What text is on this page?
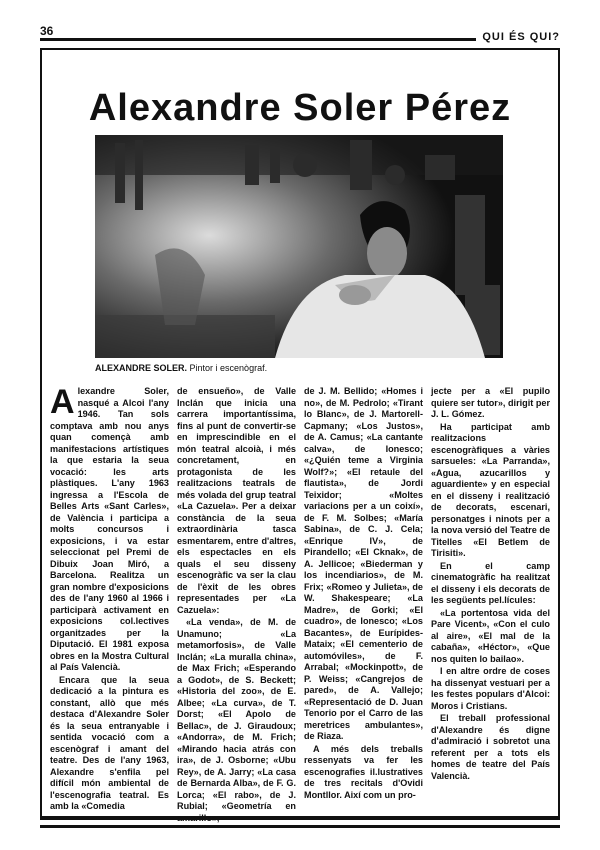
36	QUI ÉS QUI?
Alexandre Soler Pérez
ALEXANDRE SOLER. Pintor i escenògraf.

Alexandre Soler, nasqué a Alcoi l'any 1946. Tan sols comptava amb nou anys quan començà amb manifestacions artístiques la que estaria la seua vocació: les arts plàstiques. L'any 1963 ingressa a l'Escola de Belles Arts «Sant Carles», de València i participa a molts concursos i exposicions, i va estar seleccionat pel Premi de Dibuix Joan Miró, a Barcelona. Realitza un gran nombre d'exposicions des de l'any 1960 al 1966 i participarà activament en exposicions col.lectives organitzades per la Diputació. El 1981 exposa obres en la Mostra Cultural al País Valencià.

Encara que la seua dedicació a la pintura es constant, allò que més destaca d'Alexandre Soler és la seua entranyable i sentida vocació com a escenògraf i amant del teatre. Des de l'any 1963, Alexandre s'enfila pel difícil món ambiental de l'escenografia teatral. Es amb la «Comedia

de ensueño», de Valle Inclán que inicia una carrera importantíssima, fins al punt de convertir-se en imprescindible en el món teatral alcoià, i més concretament, en protagonista de les realitzacions teatrals de més volada del grup teatral «La Cazuela». Per a deixar constància de la seua extraordinària tasca esmentarem, entre d'altres, els espectacles en els quals el seu disseny escenogràfic va ser la clau de l'èxit de les obres representades per «La Cazuela»:

«La venda», de M. de Unamuno; «La metamorfosis», de Valle Inclán; «La muralla china», de Max Frich; «Esperando a Godot», de S. Beckett; «Historia del zoo», de E. Albee; «La curva», de T. Dorst; «El Apolo de Bellac», de J. Giraudoux; «Andorra», de M. Frich; «Mirando hacia atrás con ira», de J. Osborne; «Ubu Rey», de A. Jarry; «La casa de Bernarda Alba», de F. G. Lorca; «El rabo», de J. Rubial; «Geometría en

de J. M. Bellido; «Homes i no», de M. Pedrolo; «Tirant lo Blanc», de J. Martorell-Capmany; «Los Justos», de A. Camus; «La cantante calva», de Ionesco; «¿Quién teme a Virginia Wolf?»; «El retaule del flautista», de Jordi Teixidor; «Moltes variacions per a un coixí», de F. M. Solbes; «María Sabina», de C. J. Cela; «Enrique IV», de Pirandello; «El Cknak», de A. Jellicoe; «Biederman y los incendiarios», de M. Frix; «Romeo y Julieta», de W. Shakespeare; «La Madre», de Gorki; «El cuadro», de Ionesco; «Los Bacantes», de Eurípides-Mataix; «El cementerio de automóviles», de F. Arrabal; «Mockinpott», de P. Weiss; «Cangrejos de pared», de A. Vallejo; «Representació de D. Juan Tenorio por el Carro de las meretrices ambulantes», de Riaza.

A més dels treballs ressenyats va fer les escenografies il.lustratives de tres recitals d'Ovidi Montllor. Així com un pro-

jecte per a «El pupilo quiere ser tutor», dirigit per J. L. Gómez.

Ha participat amb realitzacions escenogràfiques a vàries sarsueles: «La Parranda», «Agua, azucarillos y aguardiente» y en especial en el disseny i realització de decorats, escenari, personatges i ninots per a la nova versió del Teatre de Titelles «El Betlem de Tirisiti».

En el camp cinematogràfic ha realitzat el disseny i els decorats de les següents pel.lícules:

«La portentosa vida del Pare Vicent», «Con el culo al aire», «El mal de la cabaña», «Héctor», «Que nos quiten lo bailao».

I en altre ordre de coses ha dissenyat vestuari per a les festes populars d'Alcoi: Moros i Cristians.

El treball professional d'Alexandre és digne d'admiració i sobretot una referent per a tots els homes de teatre del País Valencià.
